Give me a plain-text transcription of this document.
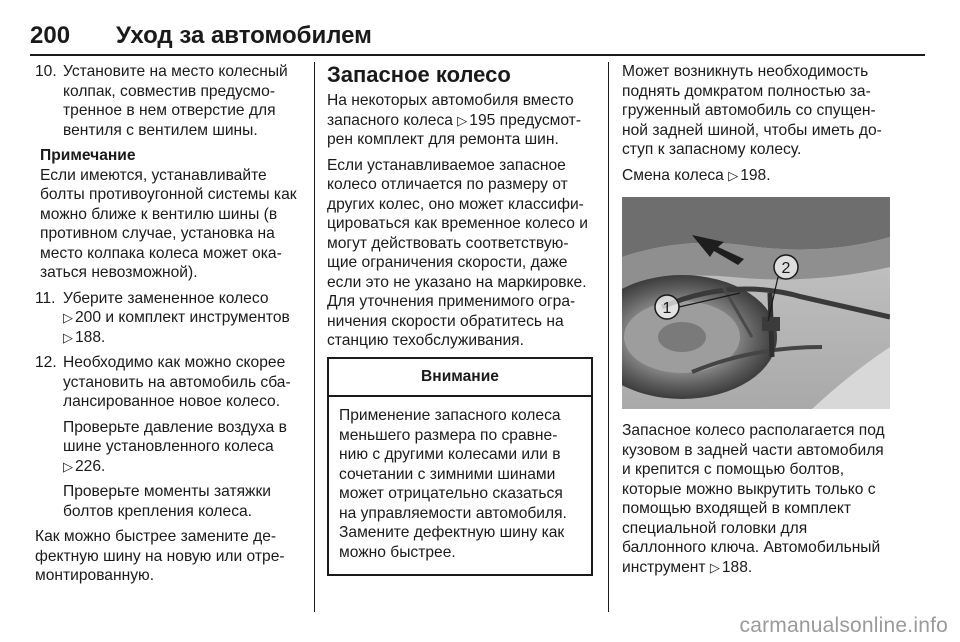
200 Уход за автомобилем
10. Установите на место колесный колпак, совместив предусмотренное в нем отверстие для вентиля с вентилем шины.

Примечание

Если имеются, устанавливайте болты противоугонной системы как можно ближе к вентилю шины (в противном случае, установка на место колпака колеса может оказаться невозможной).

11. Уберите замененное колесо
▷ 200 и комплект инструментов
▷ 188.

12. Необходимо как можно скорее установить на автомобиль сбалансированное новое колесо.

Проверьте давление воздуха в шине установленного колеса
▷ 226.

Проверьте моменты затяжки болтов крепления колеса.

Как можно быстрее замените дефектную шину на новую или отремонтированную.

Запасное колесо

На некоторых автомобиля вместо запасного колеса ▷ 195 предусмотрен комплект для ремонта шин.

Если устанавливаемое запасное колесо отличается по размеру от других колес, оно может классифицироваться как временное колесо и могут действовать соответствующие ограничения скорости, даже если это не указано на маркировке. Для уточнения применимого ограничения скорости обратитесь на станцию техобслуживания.

Внимание
Применение запасного колеса меньшего размера по сравнению с другими колесами или в сочетании с зимними шинами может отрицательно сказаться на управляемости автомобиля. Замените дефектную шину как можно быстрее.

Может возникнуть необходимость поднять домкратом полностью загруженный автомобиль со спущенной задней шиной, чтобы иметь доступ к запасному колесу.

Смена колеса ▷ 198.

1
2

Запасное колесо располагается под кузовом в задней части автомобиля и крепится с помощью болтов, которые можно выкрутить только с помощью входящей в комплект специальной головки для баллонного ключа. Автомобильный инструмент ▷ 188.

carmanualsonline.info
